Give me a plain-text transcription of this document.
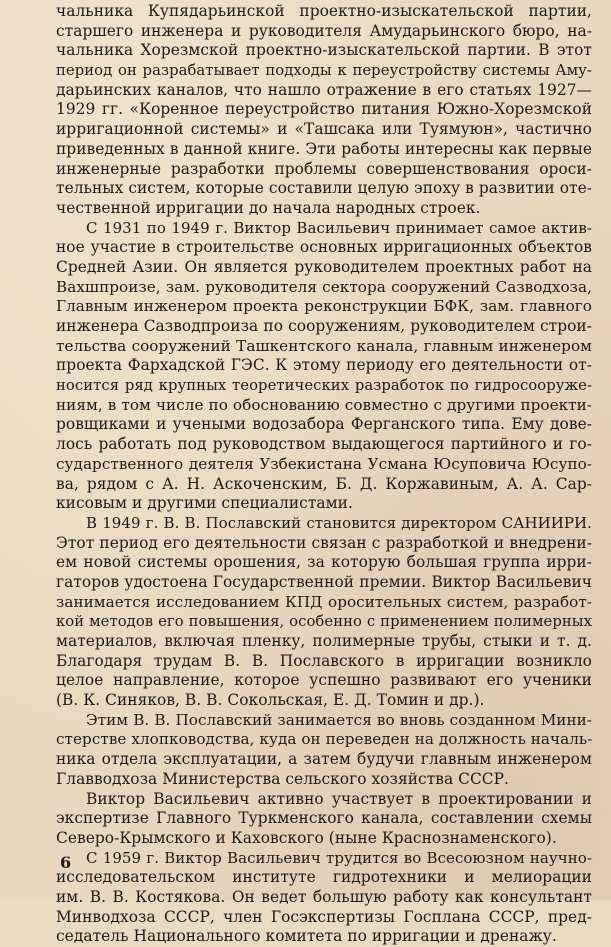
чальника Купядарьинской проектно-изыскательской партии,
старшего инженера и руководителя Амударьинского бюро, на-
чальника Хорезмской проектно-изыскательской партии. В этот
период он разрабатывает подходы к переустройству системы Аму-
дарьинских каналов, что нашло отражение в его статьях 1927—
1929 гг. «Коренное переустройство питания Южно-Хорезмской
ирригационной системы» и «Ташсака или Туямуюн», частично
приведенных в данной книге. Эти работы интересны как первые
инженерные разработки проблемы совершенствования ороси-
тельных систем, которые составили целую эпоху в развитии оте-
чественной ирригации до начала народных строек.
С 1931 по 1949 г. Виктор Васильевич принимает самое актив-
ное участие в строительстве основных ирригационных объектов
Средней Азии. Он является руководителем проектных работ на
Вахшпроизе, зам. руководителя сектора сооружений Сазводхоза,
Главным инженером проекта реконструкции БФК, зам. главного
инженера Сазводпроиза по сооружениям, руководителем строи-
тельства сооружений Ташкентского канала, главным инженером
проекта Фархадской ГЭС. К этому периоду его деятельности от-
носится ряд крупных теоретических разработок по гидросооруже-
ниям, в том числе по обоснованию совместно с другими проекти-
ровщиками и учеными водозабора Ферганского типа. Ему дове-
лось работать под руководством выдающегося партийного и го-
сударственного деятеля Узбекистана Усмана Юсуповича Юсупо-
ва, рядом с А. Н. Аскоченским, Б. Д. Коржавиным, А. А. Сар-
кисовым и другими специалистами.
В 1949 г. В. В. Пославский становится директором САНИИРИ.
Этот период его деятельности связан с разработкой и внедрени-
ем новой системы орошения, за которую большая группа ирри-
гаторов удостоена Государственной премии. Виктор Васильевич
занимается исследованием КПД оросительных систем, разработ-
кой методов его повышения, особенно с применением полимерных
материалов, включая пленку, полимерные трубы, стыки и т. д.
Благодаря трудам В. В. Пославского в ирригации возникло
целое направление, которое успешно развивают его ученики
(В. К. Синяков, В. В. Сокольская, Е. Д. Томин и др.).
Этим В. В. Пославский занимается во вновь созданном Мини-
стерстве хлопководства, куда он переведен на должность началь-
ника отдела эксплуатации, а затем будучи главным инженером
Главводхоза Министерства сельского хозяйства СССР.
Виктор Васильевич активно участвует в проектировании и
экспертизе Главного Туркменского канала, составлении схемы
Северо-Крымского и Каховского (ныне Краснознаменского).
С 1959 г. Виктор Васильевич трудится во Всесоюзном научно-
исследовательском институте гидротехники и мелиорации
им. В. В. Костякова. Он ведет большую работу как консультант
Минводхоза СССР, член Госэкспертизы Госплана СССР, пред-
седатель Национального комитета по ирригации и дренажу.
6
